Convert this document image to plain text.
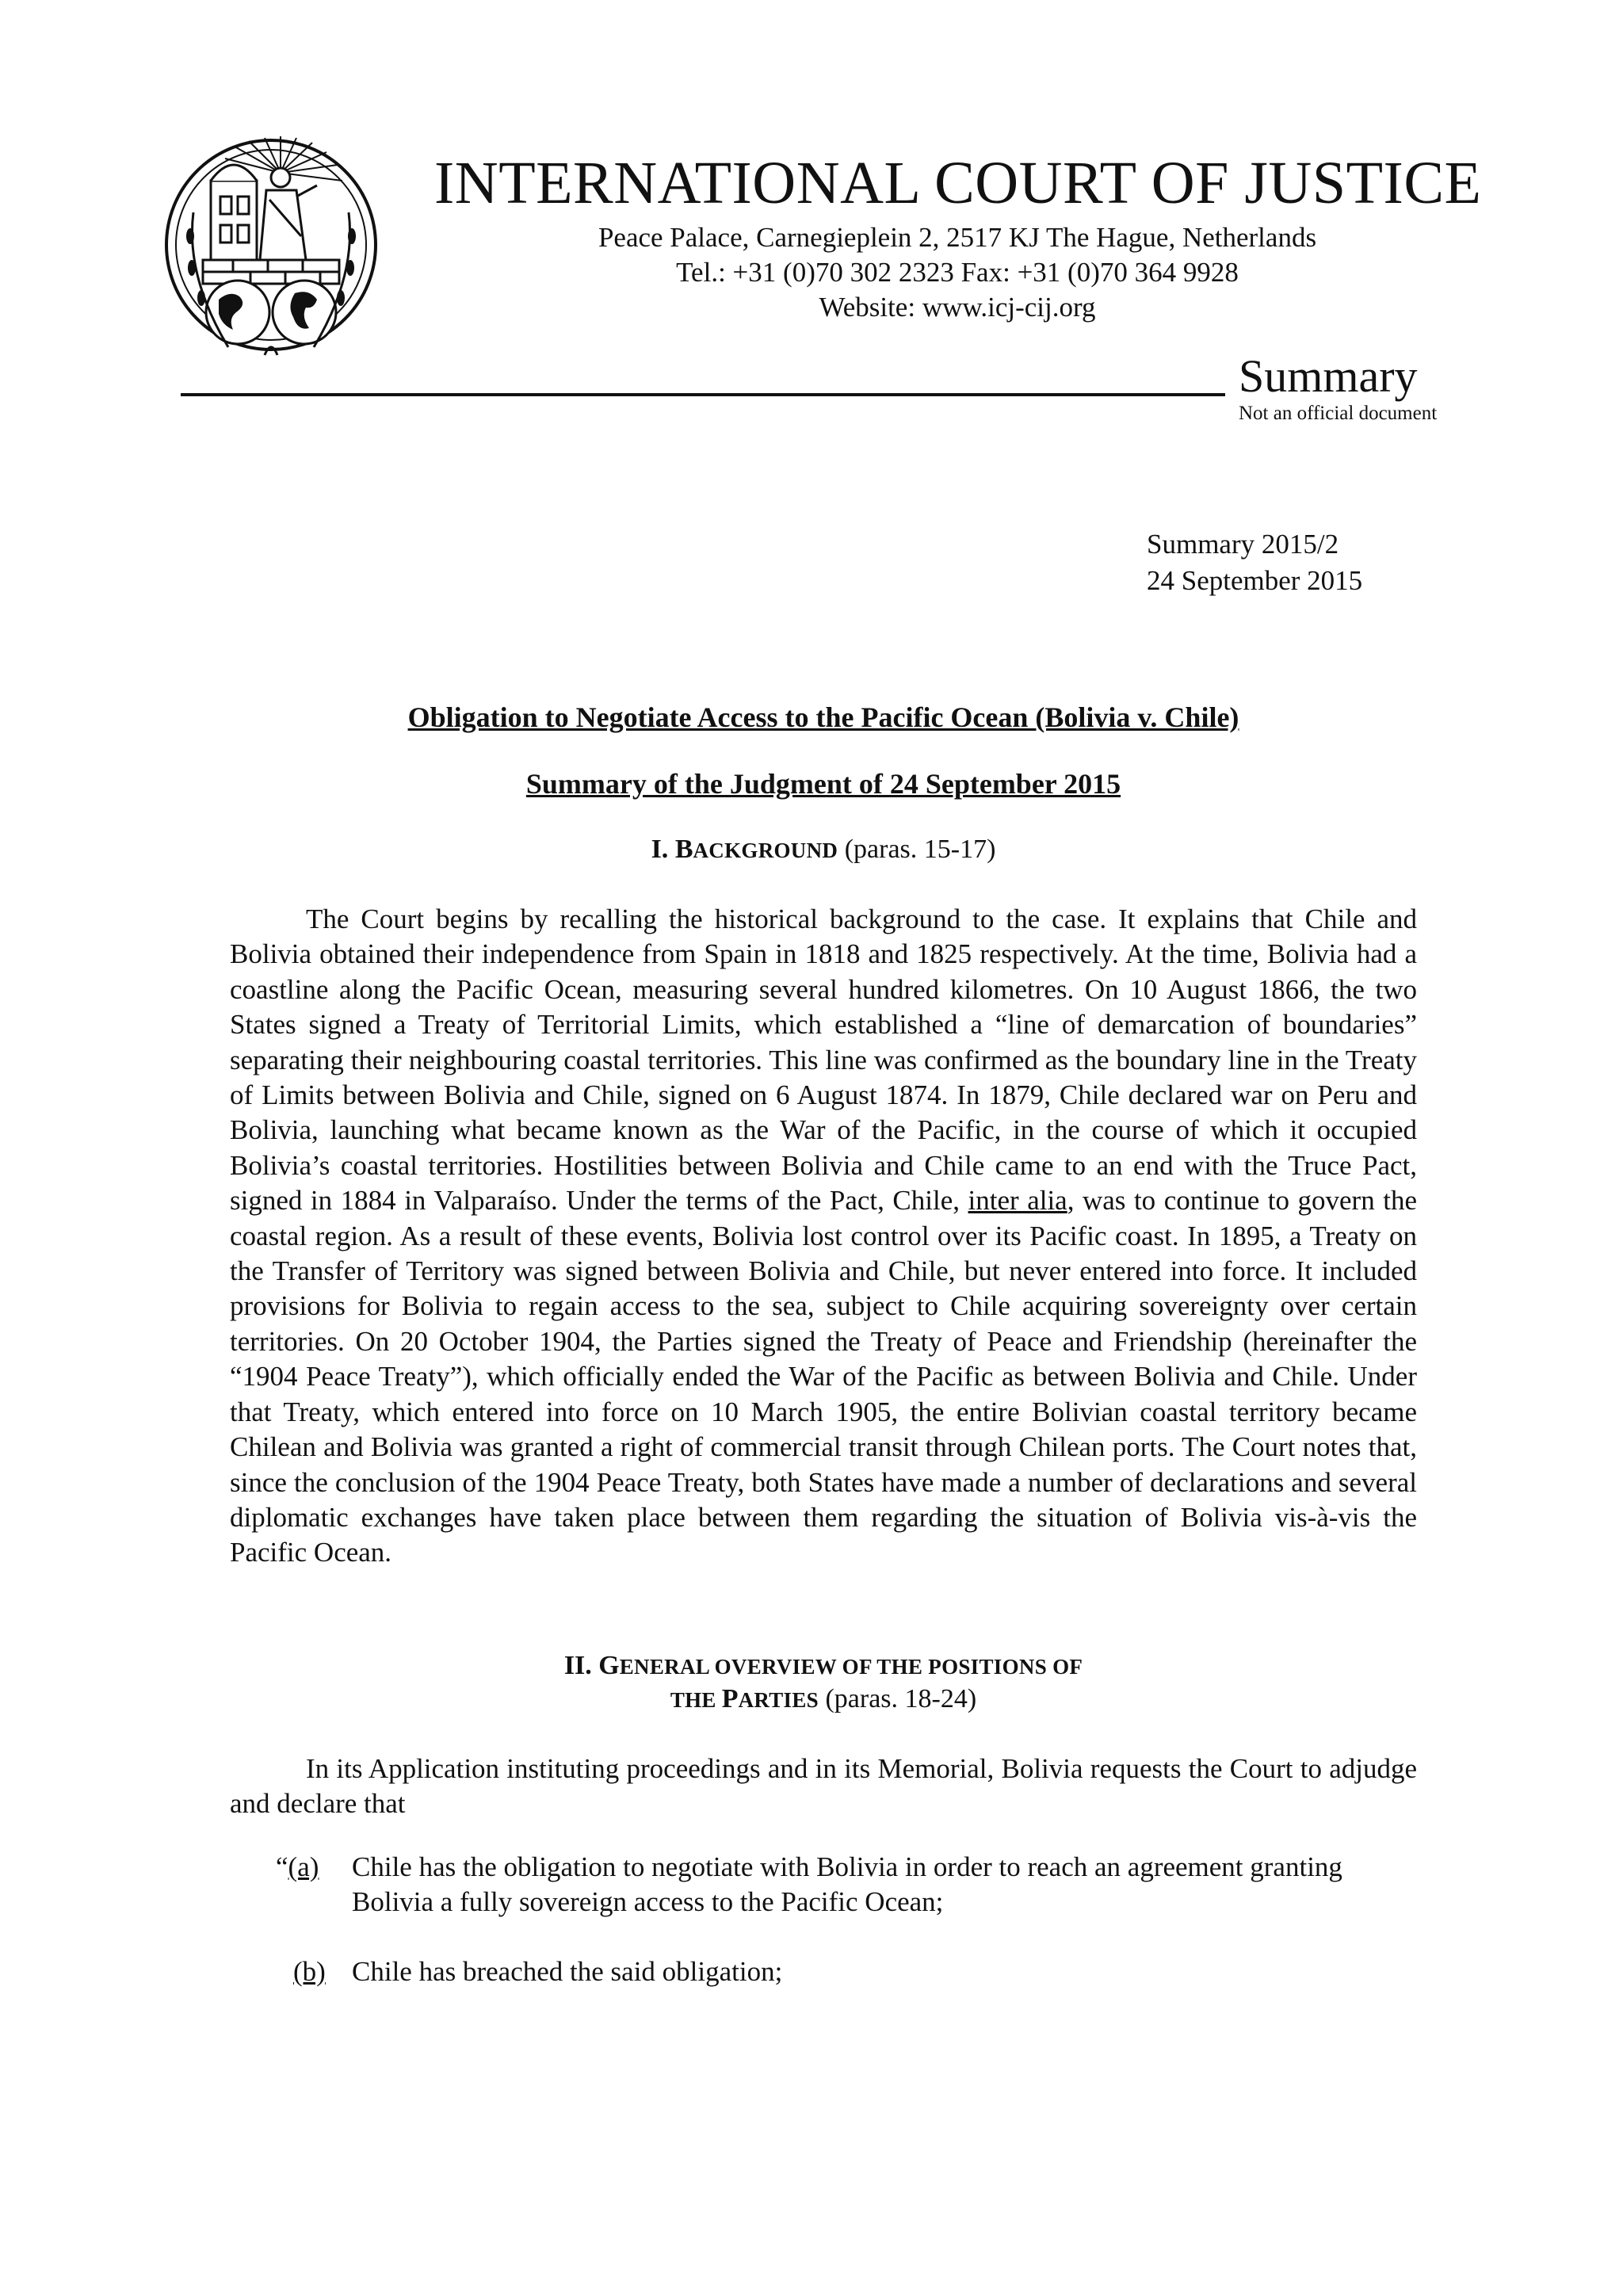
INTERNATIONAL COURT OF JUSTICE
Peace Palace, Carnegieplein 2, 2517 KJ The Hague, Netherlands
Tel.: +31 (0)70 302 2323 Fax: +31 (0)70 364 9928
Website: www.icj-cij.org
Summary
Not an official document
Summary 2015/2
24 September 2015
Obligation to Negotiate Access to the Pacific Ocean (Bolivia v. Chile)
Summary of the Judgment of 24 September 2015
I. BACKGROUND (paras. 15-17)

The Court begins by recalling the historical background to the case. It explains that Chile and Bolivia obtained their independence from Spain in 1818 and 1825 respectively. At the time, Bolivia had a coastline along the Pacific Ocean, measuring several hundred kilometres. On 10 August 1866, the two States signed a Treaty of Territorial Limits, which established a “line of demarcation of boundaries” separating their neighbouring coastal territories. This line was confirmed as the boundary line in the Treaty of Limits between Bolivia and Chile, signed on 6 August 1874. In 1879, Chile declared war on Peru and Bolivia, launching what became known as the War of the Pacific, in the course of which it occupied Bolivia’s coastal territories. Hostilities between Bolivia and Chile came to an end with the Truce Pact, signed in 1884 in Valparaíso. Under the terms of the Pact, Chile, inter alia, was to continue to govern the coastal region. As a result of these events, Bolivia lost control over its Pacific coast. In 1895, a Treaty on the Transfer of Territory was signed between Bolivia and Chile, but never entered into force. It included provisions for Bolivia to regain access to the sea, subject to Chile acquiring sovereignty over certain territories. On 20 October 1904, the Parties signed the Treaty of Peace and Friendship (hereinafter the “1904 Peace Treaty”), which officially ended the War of the Pacific as between Bolivia and Chile. Under that Treaty, which entered into force on 10 March 1905, the entire Bolivian coastal territory became Chilean and Bolivia was granted a right of commercial transit through Chilean ports. The Court notes that, since the conclusion of the 1904 Peace Treaty, both States have made a number of declarations and several diplomatic exchanges have taken place between them regarding the situation of Bolivia vis-à-vis the Pacific Ocean.

II. GENERAL OVERVIEW OF THE POSITIONS OF
THE PARTIES (paras. 18-24)

In its Application instituting proceedings and in its Memorial, Bolivia requests the Court to adjudge and declare that

“(a)	Chile has the obligation to negotiate with Bolivia in order to reach an agreement granting Bolivia a fully sovereign access to the Pacific Ocean;
(b) Chile has breached the said obligation;
